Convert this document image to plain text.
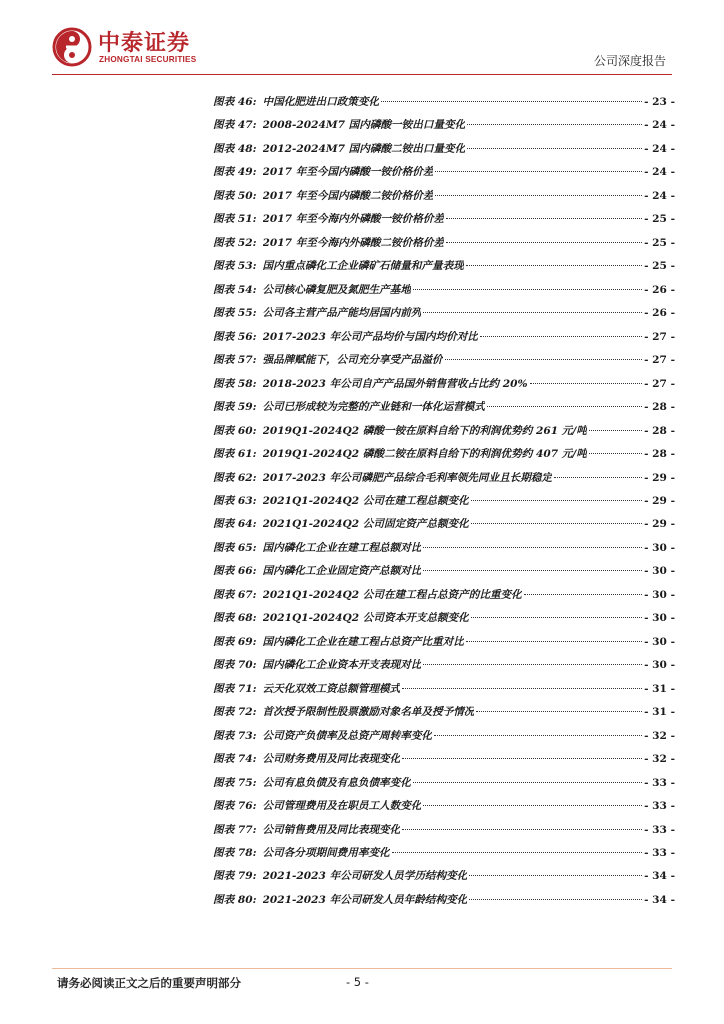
中泰证券
ZHONGTAI SECURITIES	公司深度报告
图表 46: 中国化肥进出口政策变化	- 23 -
图表 47: 2008-2024M7 国内磷酸一铵出口量变化	- 24 -
图表 48: 2012-2024M7 国内磷酸二铵出口量变化	- 24 -
图表 49: 2017 年至今国内磷酸一铵价格价差	- 24 -
图表 50: 2017 年至今国内磷酸二铵价格价差	- 24 -
图表 51: 2017 年至今海内外磷酸一铵价格价差	- 25 -
图表 52: 2017 年至今海内外磷酸二铵价格价差	- 25 -
图表 53: 国内重点磷化工企业磷矿石储量和产量表现	- 25 -
图表 54: 公司核心磷复肥及氮肥生产基地	- 26 -
图表 55: 公司各主营产品产能均居国内前列	- 26 -
图表 56: 2017-2023 年公司产品均价与国内均价对比	- 27 -
图表 57: 强品牌赋能下，公司充分享受产品溢价	- 27 -
图表 58: 2018-2023 年公司自产产品国外销售营收占比约 20%	- 27 -
图表 59: 公司已形成较为完整的产业链和一体化运营模式	- 28 -
图表 60: 2019Q1-2024Q2 磷酸一铵在原料自给下的利润优势约 261 元/吨	- 28 -
图表 61: 2019Q1-2024Q2 磷酸二铵在原料自给下的利润优势约 407 元/吨	- 28 -
图表 62: 2017-2023 年公司磷肥产品综合毛利率领先同业且长期稳定	- 29 -
图表 63: 2021Q1-2024Q2 公司在建工程总额变化	- 29 -
图表 64: 2021Q1-2024Q2 公司固定资产总额变化	- 29 -
图表 65: 国内磷化工企业在建工程总额对比	- 30 -
图表 66: 国内磷化工企业固定资产总额对比	- 30 -
图表 67: 2021Q1-2024Q2 公司在建工程占总资产的比重变化	- 30 -
图表 68: 2021Q1-2024Q2 公司资本开支总额变化	- 30 -
图表 69: 国内磷化工企业在建工程占总资产比重对比	- 30 -
图表 70: 国内磷化工企业资本开支表现对比	- 30 -
图表 71: 云天化双效工资总额管理模式	- 31 -
图表 72: 首次授予限制性股票激励对象名单及授予情况	- 31 -
图表 73: 公司资产负债率及总资产周转率变化	- 32 -
图表 74: 公司财务费用及同比表现变化	- 32 -
图表 75: 公司有息负债及有息负债率变化	- 33 -
图表 76: 公司管理费用及在职员工人数变化	- 33 -
图表 77: 公司销售费用及同比表现变化	- 33 -
图表 78: 公司各分项期间费用率变化	- 33 -
图表 79: 2021-2023 年公司研发人员学历结构变化	- 34 -
图表 80: 2021-2023 年公司研发人员年龄结构变化	- 34 -
请务必阅读正文之后的重要声明部分	- 5 -
